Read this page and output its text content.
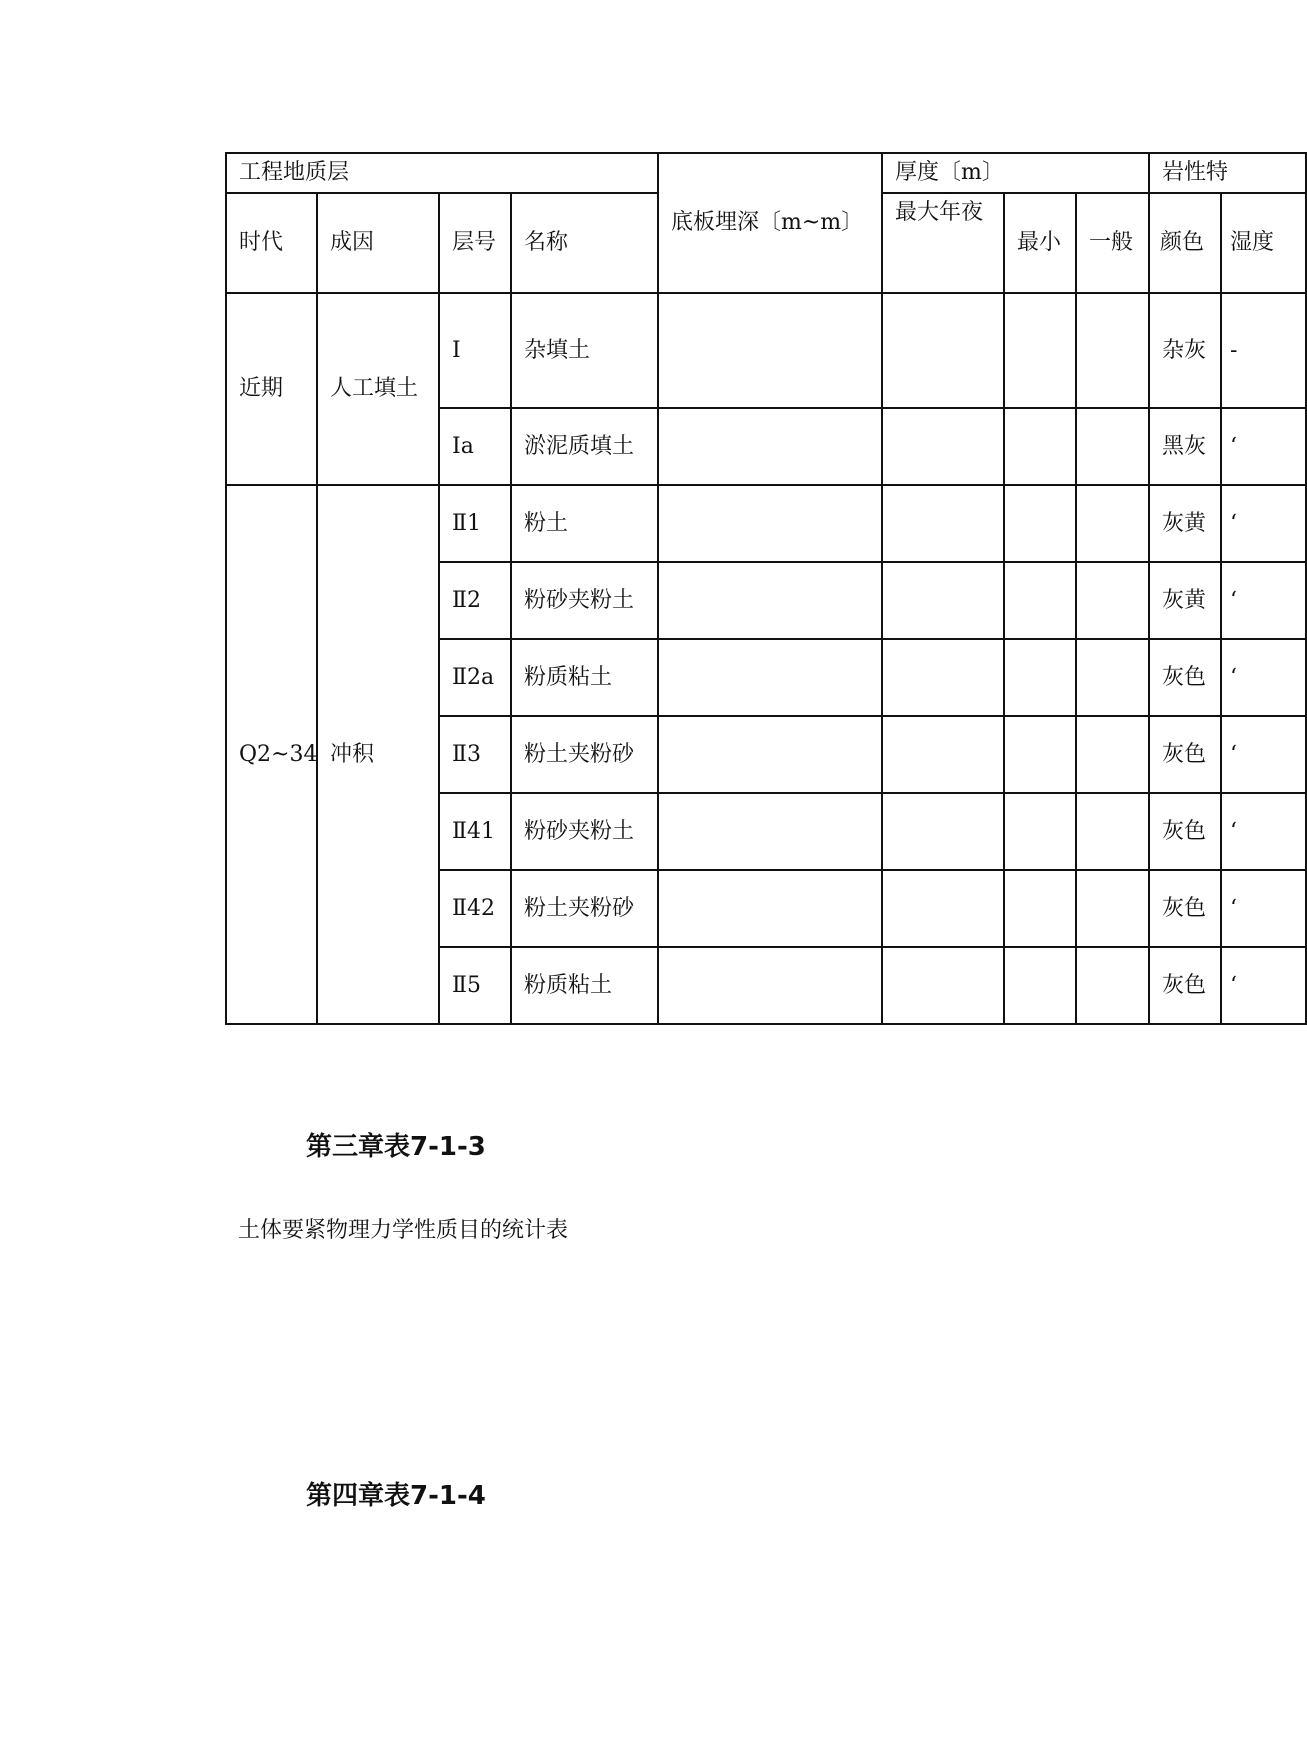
工程地质层				底板埋深〔m~m〕	厚度〔m〕			岩性特	
时代	成因	层号	名称		最大年夜	最小	一般	颜色	湿度
近期	人工填土	Ⅰ	杂填土					杂灰	-
		Ⅰa	淤泥质填土					黑灰	‘
Q2~34	冲积	Ⅱ1	粉土					灰黄	‘
		Ⅱ2	粉砂夹粉土					灰黄	‘
		Ⅱ2a	粉质粘土					灰色	‘
		Ⅱ3	粉土夹粉砂					灰色	‘
		Ⅱ41	粉砂夹粉土					灰色	‘
		Ⅱ42	粉土夹粉砂					灰色	‘
		Ⅱ5	粉质粘土					灰色	‘
第三章表7-1-3
土体要紧物理力学性质目的统计表
第四章表7-1-4
